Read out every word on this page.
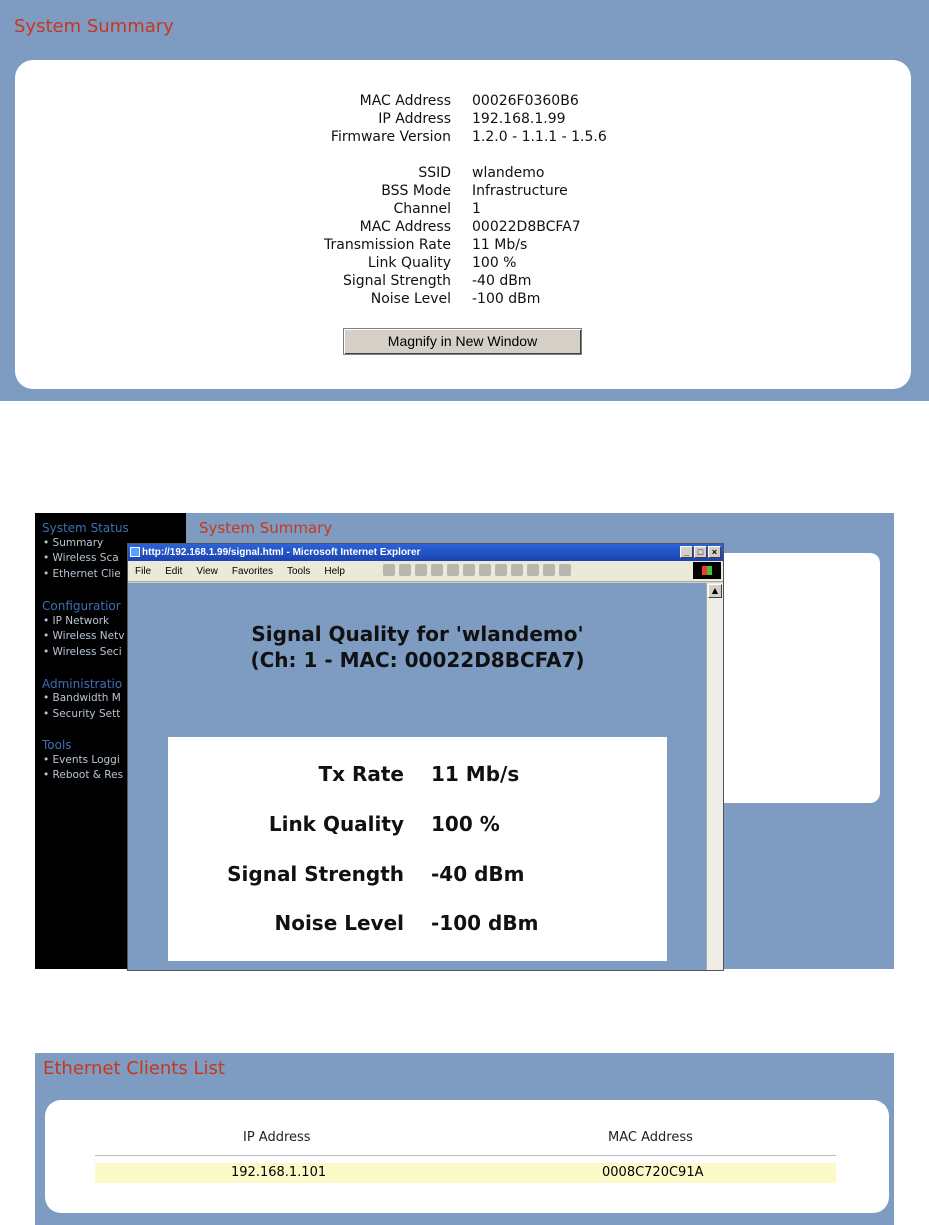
System Summary
MAC Address 00026F0360B6
IP Address 192.168.1.99
Firmware Version 1.2.0 - 1.1.1 - 1.5.6
SSID wlandemo
BSS Mode Infrastructure
Channel 1
MAC Address 00022D8BCFA7
Transmission Rate 11 Mb/s
Link Quality 100 %
Signal Strength -40 dBm
Noise Level -100 dBm
Magnify in New Window
System Status
• Summary
• Wireless Sca
• Ethernet Clie
Configuratior
• IP Network
• Wireless Netv
• Wireless Seci
Administratio
• Bandwidth M
• Security Sett
Tools
• Events Loggi
• Reboot & Res
System Summary
http://192.168.1.99/signal.html - Microsoft Internet Explorer	_ □ ×
File	Edit	View	Favorites	Tools	Help
Signal Quality for 'wlandemo'
(Ch: 1 - MAC: 00022D8BCFA7)
Tx Rate 11 Mb/s
Link Quality 100 %
Signal Strength -40 dBm
Noise Level -100 dBm
▲
Ethernet Clients List
IP Address	MAC Address
192.168.1.101	0008C720C91A
